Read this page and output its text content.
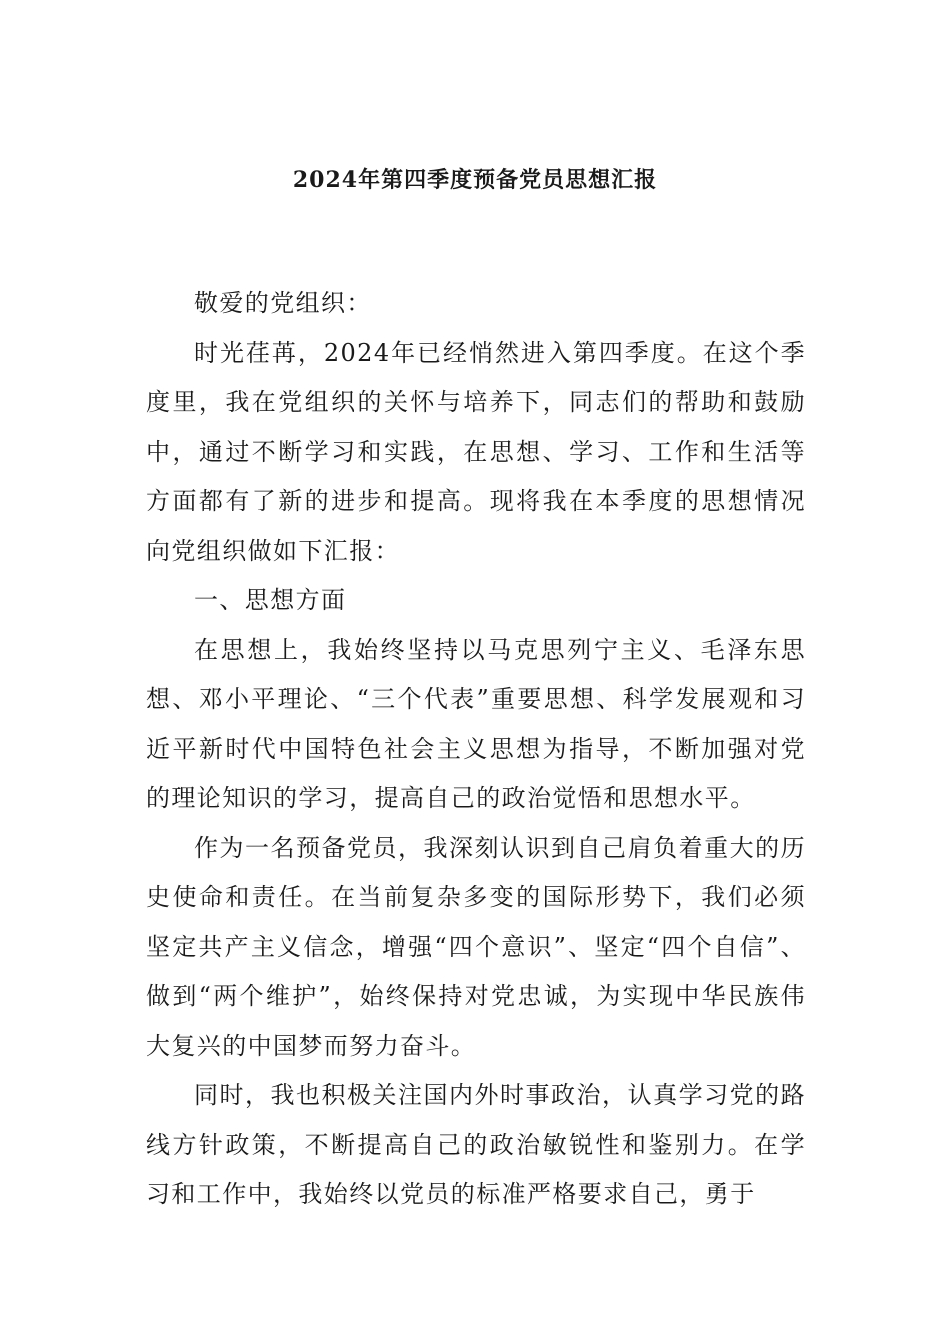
2024年第四季度预备党员思想汇报

敬爱的党组织：

时光荏苒，2024年已经悄然进入第四季度。在这个季度里，我在党组织的关怀与培养下，同志们的帮助和鼓励中，通过不断学习和实践，在思想、学习、工作和生活等方面都有了新的进步和提高。现将我在本季度的思想情况向党组织做如下汇报：

一、思想方面

在思想上，我始终坚持以马克思列宁主义、毛泽东思想、邓小平理论、“三个代表”重要思想、科学发展观和习近平新时代中国特色社会主义思想为指导，不断加强对党的理论知识的学习，提高自己的政治觉悟和思想水平。

作为一名预备党员，我深刻认识到自己肩负着重大的历史使命和责任。在当前复杂多变的国际形势下，我们必须坚定共产主义信念，增强“四个意识”、坚定“四个自信”、做到“两个维护”，始终保持对党忠诚，为实现中华民族伟大复兴的中国梦而努力奋斗。

同时，我也积极关注国内外时事政治，认真学习党的路线方针政策，不断提高自己的政治敏锐性和鉴别力。在学习和工作中，我始终以党员的标准严格要求自己，勇于
